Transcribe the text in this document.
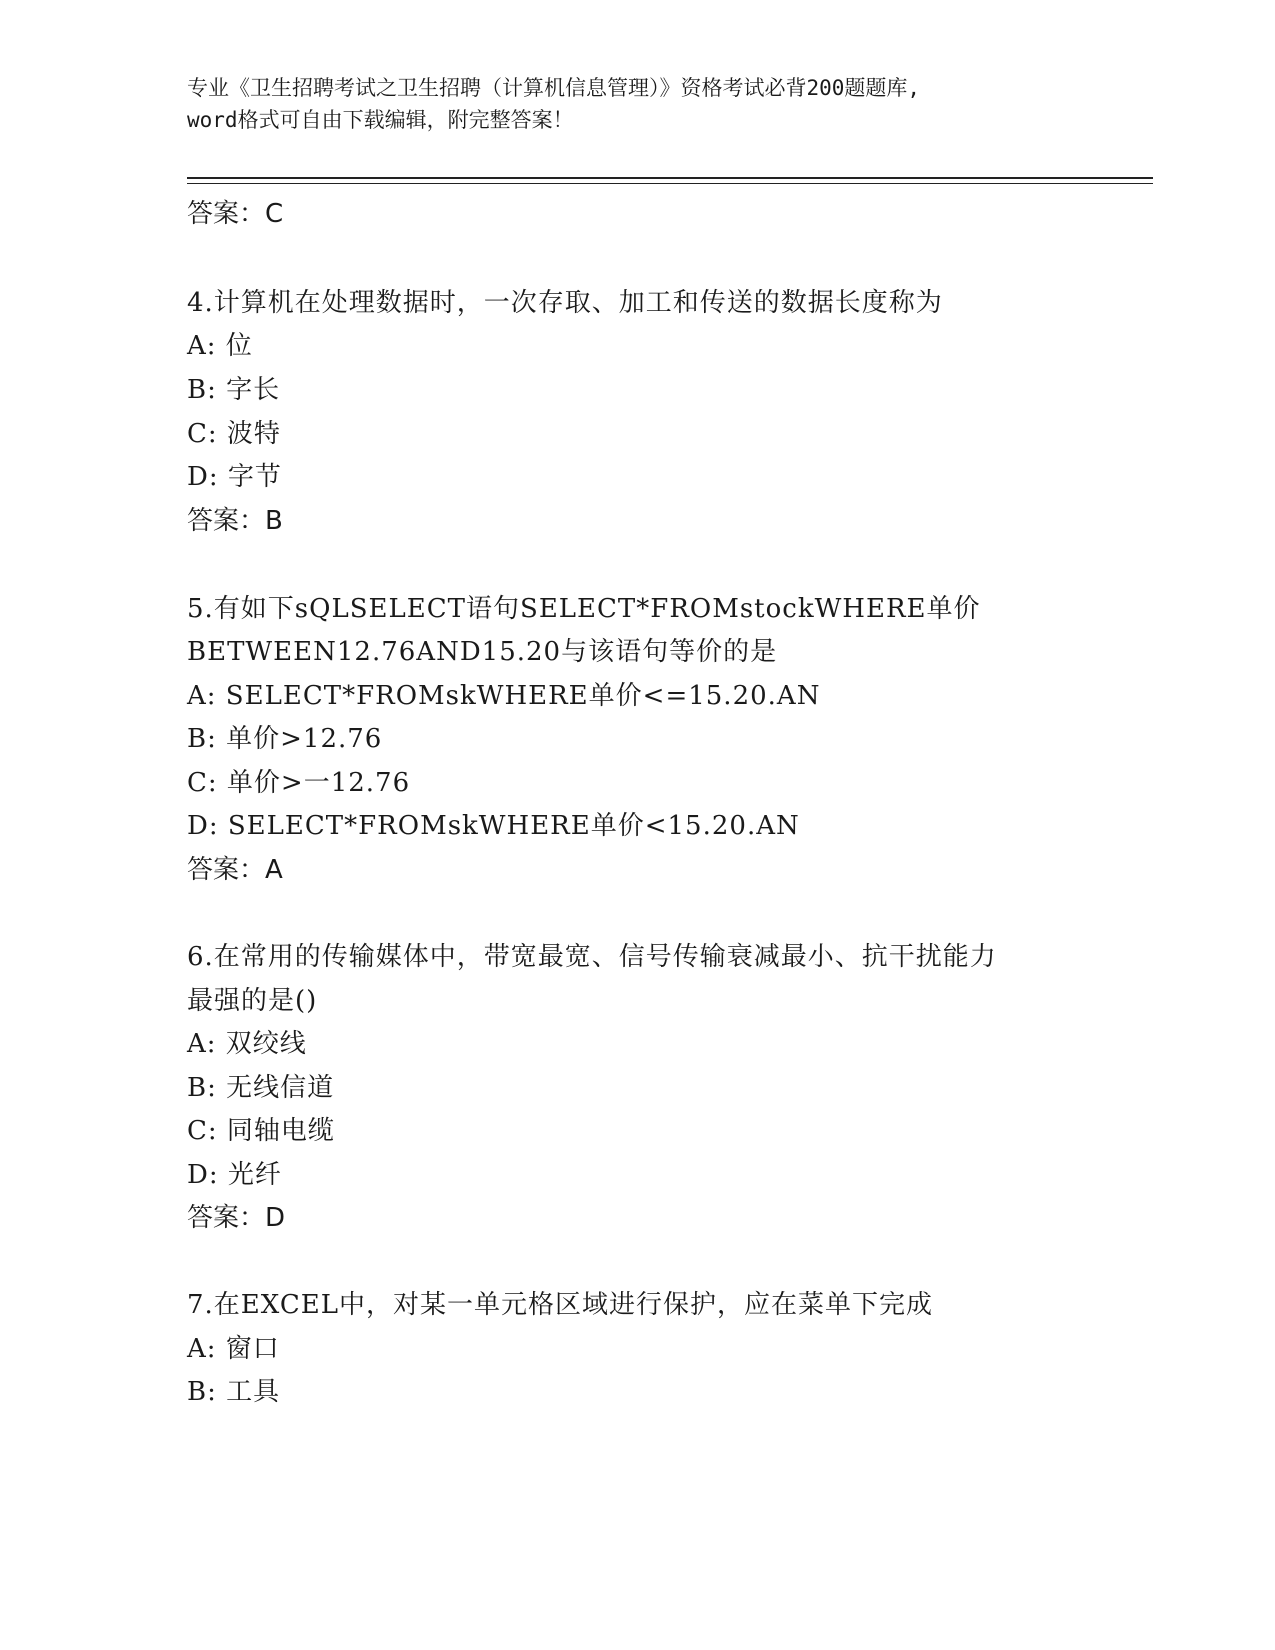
专业《卫生招聘考试之卫生招聘（计算机信息管理）》资格考试必背200题题库,
word格式可自由下载编辑，附完整答案！
答案：C
4.计算机在处理数据时，一次存取、加工和传送的数据长度称为
A: 位
B: 字长
C: 波特
D: 字节
答案：B
5.有如下sQLSELECT语句SELECT*FROMstockWHERE单价
BETWEEN12.76AND15.20与该语句等价的是
A: SELECT*FROMskWHERE单价<=15.20.AN
B: 单价>12.76
C: 单价>一12.76
D: SELECT*FROMskWHERE单价<15.20.AN
答案：A
6.在常用的传输媒体中，带宽最宽、信号传输衰减最小、抗干扰能力
最强的是()
A: 双绞线
B: 无线信道
C: 同轴电缆
D: 光纤
答案：D
7.在EXCEL中，对某一单元格区域进行保护，应在菜单下完成
A: 窗口
B: 工具
